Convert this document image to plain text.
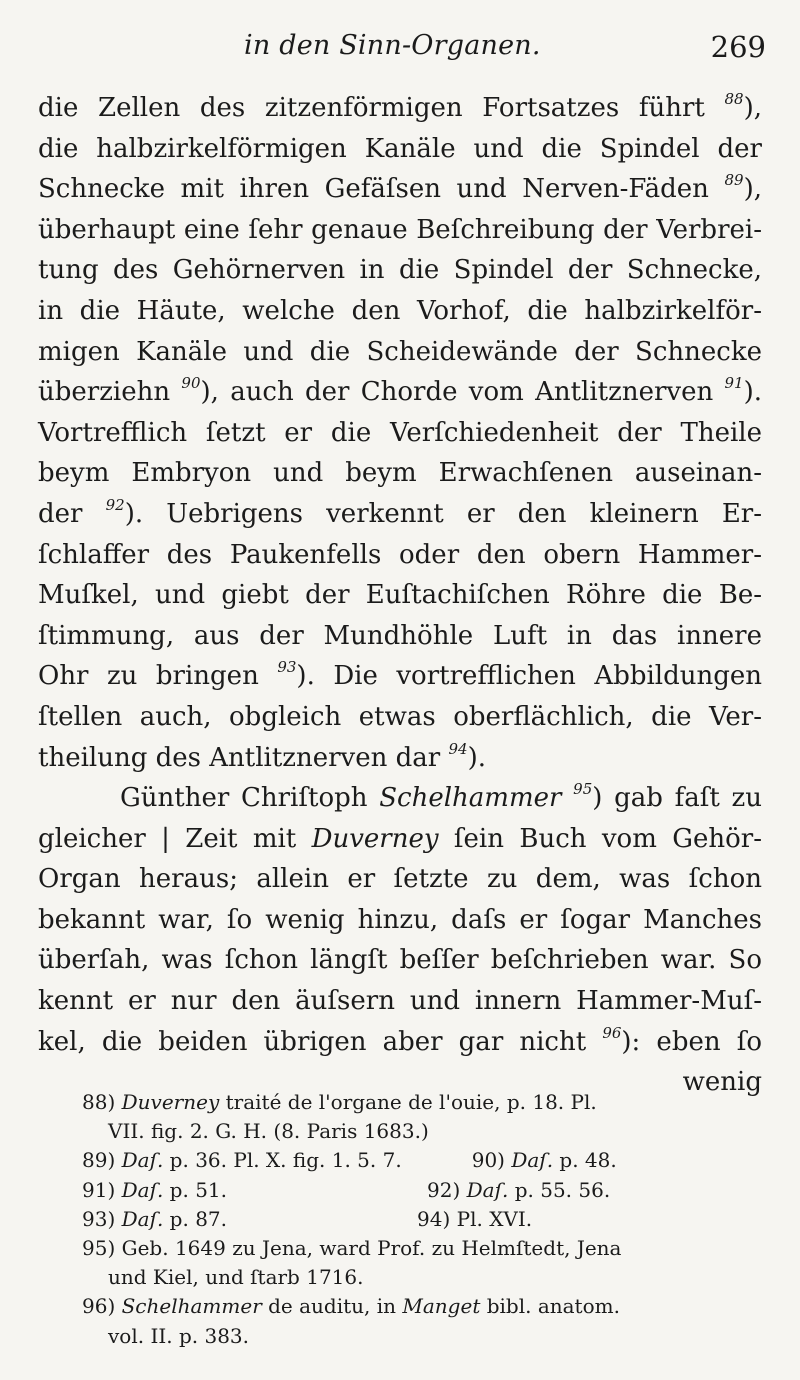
in den Sinn-Organen.	269
die Zellen des zitzenförmigen Fortsatzes führt $^{88}$),
die halbzirkelförmigen Kanäle und die Spindel der
Schnecke mit ihren Gefäſsen und Nerven-Fäden $^{89}$),
überhaupt eine ſehr genaue Beſchreibung der Verbrei-
tung des Gehörnerven in die Spindel der Schnecke,
in die Häute, welche den Vorhof, die halbzirkelför-
migen Kanäle und die Scheidewände der Schnecke
überziehn $^{90}$), auch der Chorde vom Antlitznerven $^{91}$).
Vortrefflich ſetzt er die Verſchiedenheit der Theile
beym Embryon und beym Erwachſenen auseinan-
der $^{92}$). Uebrigens verkennt er den kleinern Er-
ſchlaffer des Paukenfells oder den obern Hammer-
Muſkel, und giebt der Euſtachiſchen Röhre die Be-
ſtimmung, aus der Mundhöhle Luft in das innere
Ohr zu bringen $^{93}$). Die vortrefflichen Abbildungen
ſtellen auch, obgleich etwas oberflächlich, die Ver-
theilung des Antlitznerven dar $^{94}$).
Günther Chriſtoph Schelhammer $^{95}$) gab faſt zu
gleicher | Zeit mit Duverney ſein Buch vom Gehör-
Organ heraus; allein er ſetzte zu dem, was ſchon
bekannt war, ſo wenig hinzu, daſs er ſogar Manches
überſah, was ſchon längſt beſſer beſchrieben war. So
kennt er nur den äuſsern und innern Hammer-Muſ-
kel, die beiden übrigen aber gar nicht $^{96}$): eben ſo
wenig
88) Duverney traité de l'organe de l'ouie, p. 18. Pl.
VII. fig. 2. G. H. (8. Paris 1683.)
89) Daſ. p. 36. Pl. X. fig. 1. 5. 7.	90) Daſ. p. 48.
91) Daſ. p. 51.	92) Daſ. p. 55. 56.
93) Daſ. p. 87.	94) Pl. XVI.
95) Geb. 1649 zu Jena, ward Prof. zu Helmſtedt, Jena
und Kiel, und ſtarb 1716.
96) Schelhammer de auditu, in Manget bibl. anatom.
vol. II. p. 383.
